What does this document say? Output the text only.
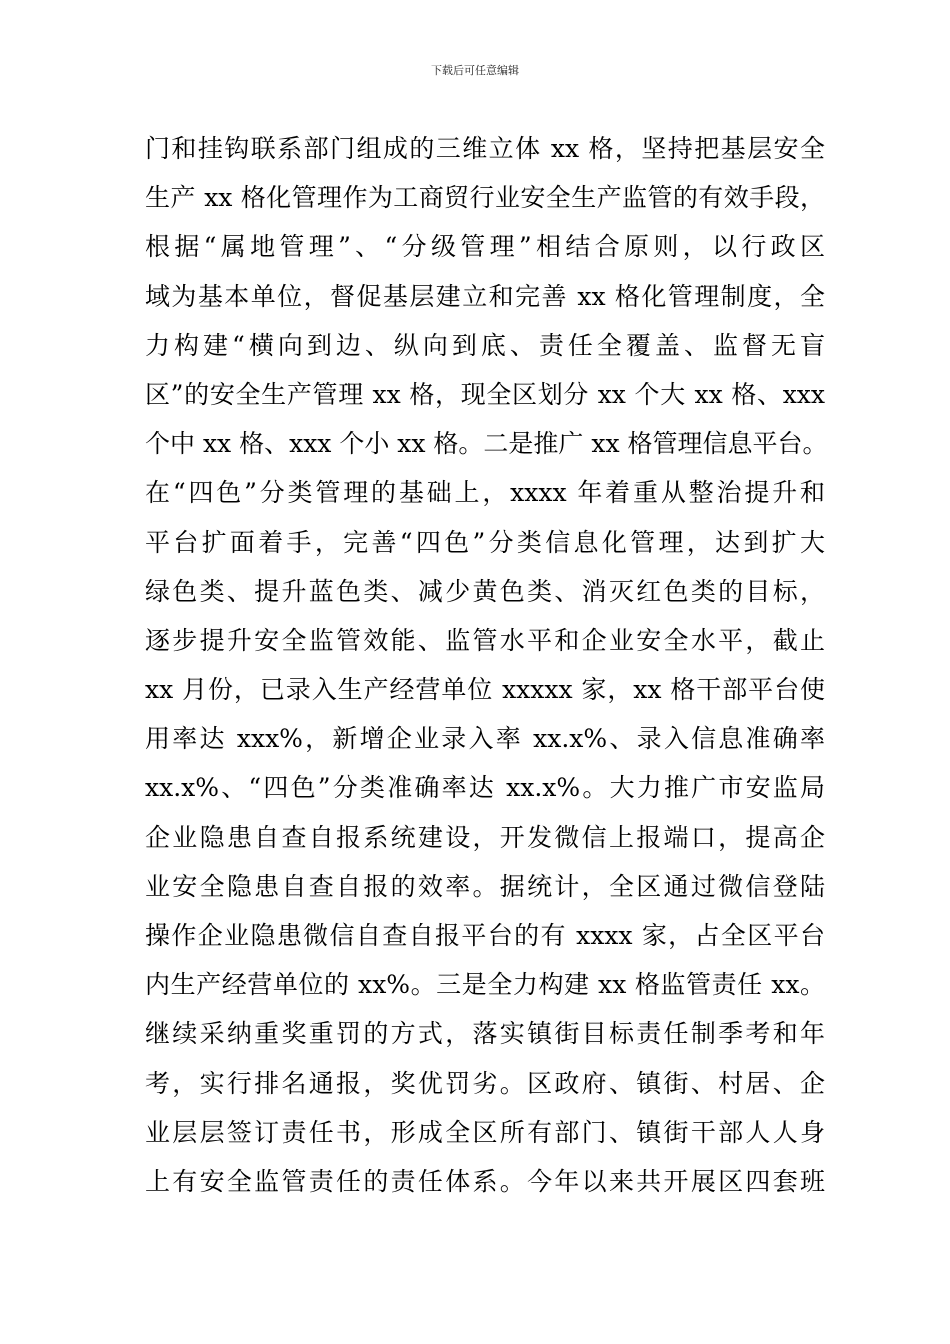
下载后可任意编辑
门和挂钩联系部门组成的三维立体 xx 格，坚持把基层安全
生产 xx 格化管理作为工商贸行业安全生产监管的有效手段，
根据“属地管理”、“分级管理”相结合原则，以行政区
域为基本单位，督促基层建立和完善 xx 格化管理制度，全
力构建“横向到边、纵向到底、责任全覆盖、监督无盲
区”的安全生产管理 xx 格，现全区划分 xx 个大 xx 格、xxx
个中 xx 格、xxx 个小 xx 格。二是推广 xx 格管理信息平台。
在“四色”分类管理的基础上，xxxx 年着重从整治提升和
平台扩面着手，完善“四色”分类信息化管理，达到扩大
绿色类、提升蓝色类、减少黄色类、消灭红色类的目标，
逐步提升安全监管效能、监管水平和企业安全水平，截止
xx 月份，已录入生产经营单位 xxxxx 家，xx 格干部平台使
用率达 xxx%，新增企业录入率 xx.x%、录入信息准确率
xx.x%、“四色”分类准确率达 xx.x%。大力推广市安监局
企业隐患自查自报系统建设，开发微信上报端口，提高企
业安全隐患自查自报的效率。据统计，全区通过微信登陆
操作企业隐患微信自查自报平台的有 xxxx 家，占全区平台
内生产经营单位的 xx%。三是全力构建 xx 格监管责任 xx。
继续采纳重奖重罚的方式，落实镇街目标责任制季考和年
考，实行排名通报，奖优罚劣。区政府、镇街、村居、企
业层层签订责任书，形成全区所有部门、镇街干部人人身
上有安全监管责任的责任体系。今年以来共开展区四套班
